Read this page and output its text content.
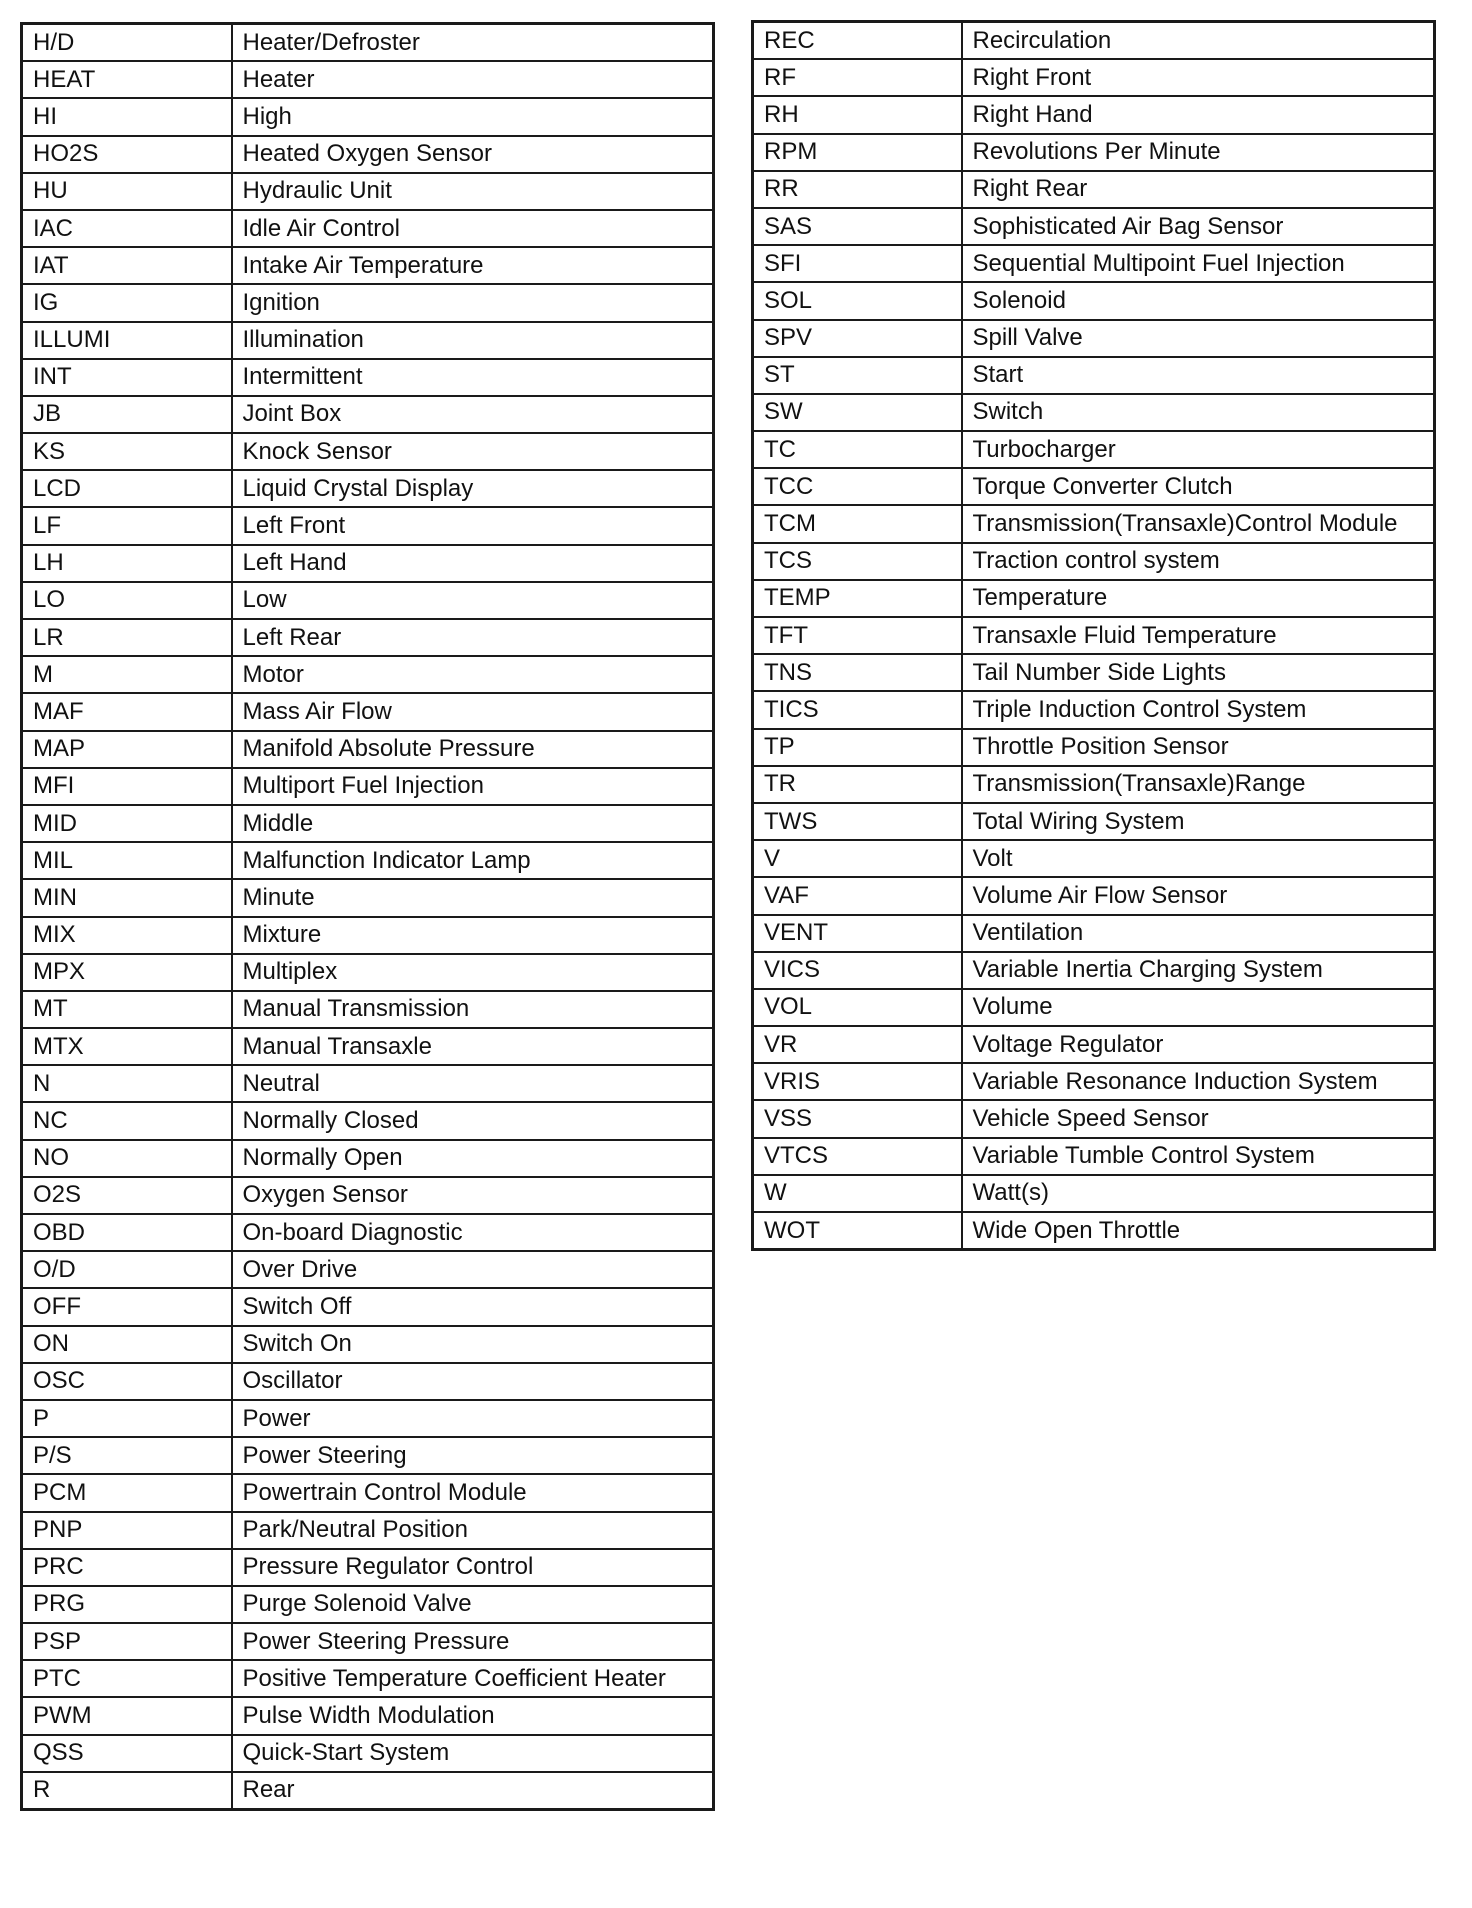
H/D	Heater/Defroster
HEAT	Heater
HI	High
HO2S	Heated Oxygen Sensor
HU	Hydraulic Unit
IAC	Idle Air Control
IAT	Intake Air Temperature
IG	Ignition
ILLUMI	Illumination
INT	Intermittent
JB	Joint Box
KS	Knock Sensor
LCD	Liquid Crystal Display
LF	Left Front
LH	Left Hand
LO	Low
LR	Left Rear
M	Motor
MAF	Mass Air Flow
MAP	Manifold Absolute Pressure
MFI	Multiport Fuel Injection
MID	Middle
MIL	Malfunction Indicator Lamp
MIN	Minute
MIX	Mixture
MPX	Multiplex
MT	Manual Transmission
MTX	Manual Transaxle
N	Neutral
NC	Normally Closed
NO	Normally Open
O2S	Oxygen Sensor
OBD	On-board Diagnostic
O/D	Over Drive
OFF	Switch Off
ON	Switch On
OSC	Oscillator
P	Power
P/S	Power Steering
PCM	Powertrain Control Module
PNP	Park/Neutral Position
PRC	Pressure Regulator Control
PRG	Purge Solenoid Valve
PSP	Power Steering Pressure
PTC	Positive Temperature Coefficient Heater
PWM	Pulse Width Modulation
QSS	Quick-Start System
R	Rear
REC	Recirculation
RF	Right Front
RH	Right Hand
RPM	Revolutions Per Minute
RR	Right Rear
SAS	Sophisticated Air Bag Sensor
SFI	Sequential Multipoint Fuel Injection
SOL	Solenoid
SPV	Spill Valve
ST	Start
SW	Switch
TC	Turbocharger
TCC	Torque Converter Clutch
TCM	Transmission(Transaxle)Control Module
TCS	Traction control system
TEMP	Temperature
TFT	Transaxle Fluid Temperature
TNS	Tail Number Side Lights
TICS	Triple Induction Control System
TP	Throttle Position Sensor
TR	Transmission(Transaxle)Range
TWS	Total Wiring System
V	Volt
VAF	Volume Air Flow Sensor
VENT	Ventilation
VICS	Variable Inertia Charging System
VOL	Volume
VR	Voltage Regulator
VRIS	Variable Resonance Induction System
VSS	Vehicle Speed Sensor
VTCS	Variable Tumble Control System
W	Watt(s)
WOT	Wide Open Throttle
